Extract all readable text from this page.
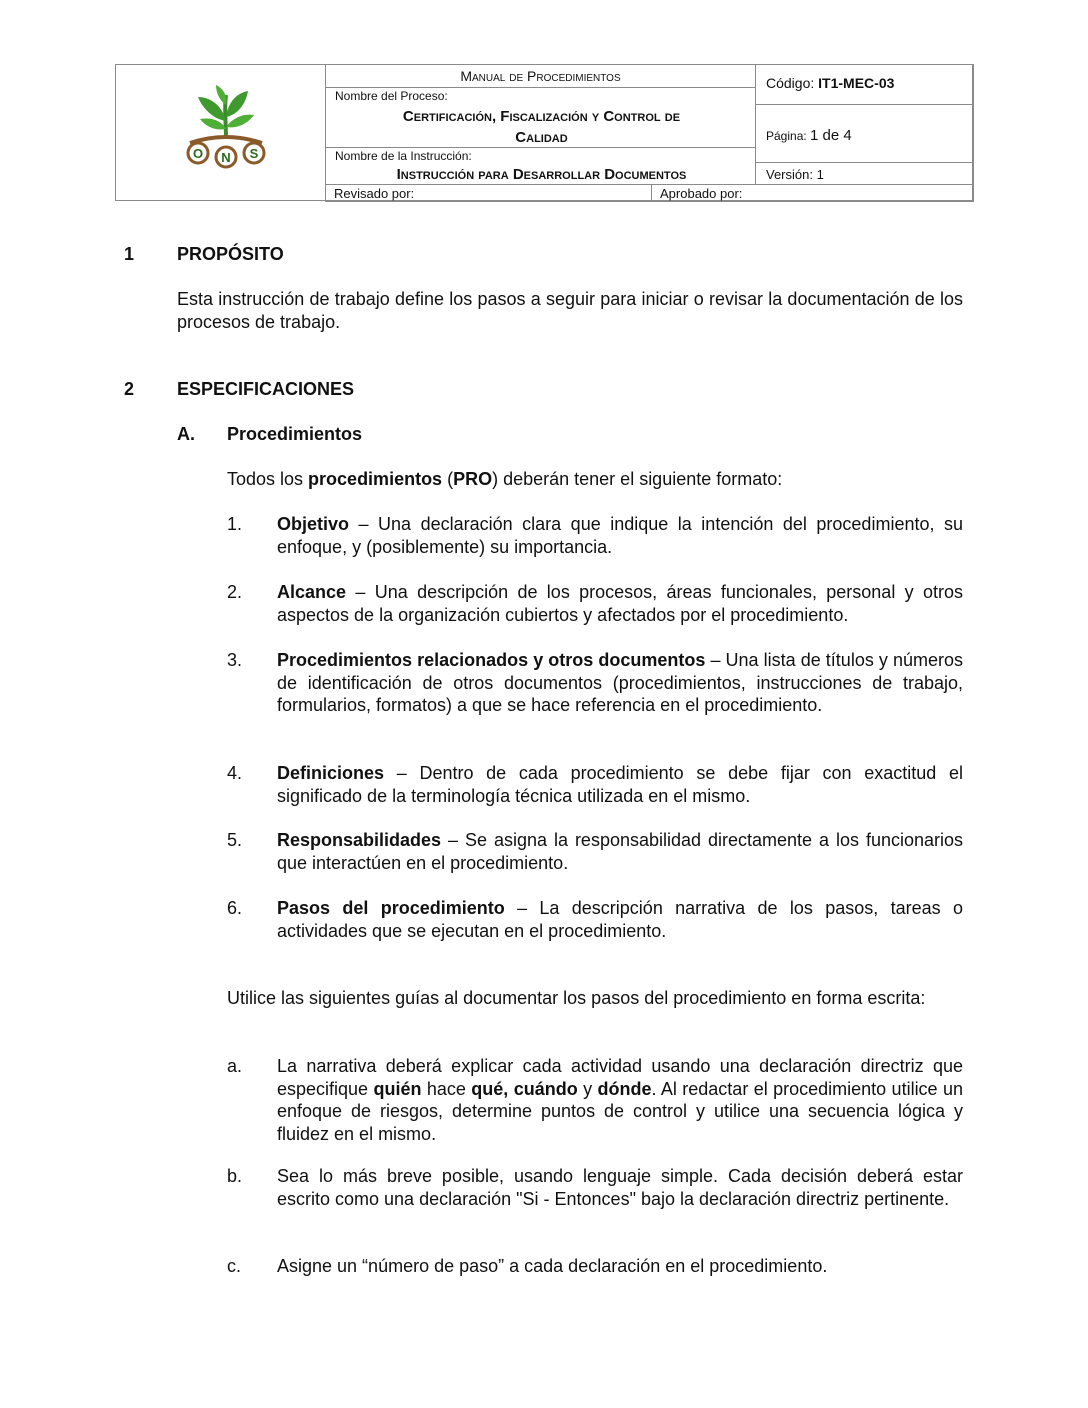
O N S
Manual de Procedimientos
Nombre del Proceso:
Certificación, Fiscalización y Control de
Calidad
Nombre de la Instrucción:
Instrucción para Desarrollar Documentos
Código: IT1-MEC-03
Página: 1 de 4
Versión: 1
Revisado por:	Aprobado por:
1 PROPÓSITO
Esta instrucción de trabajo define los pasos a seguir para iniciar o revisar la documentación de los procesos de trabajo.
2 ESPECIFICACIONES
A. Procedimientos
Todos los procedimientos (PRO) deberán tener el siguiente formato:
1. Objetivo – Una declaración clara que indique la intención del procedimiento, su enfoque, y (posiblemente) su importancia.
2. Alcance – Una descripción de los procesos, áreas funcionales, personal y otros aspectos de la organización cubiertos y afectados por el procedimiento.
3. Procedimientos relacionados y otros documentos – Una lista de títulos y números de identificación de otros documentos (procedimientos, instrucciones de trabajo, formularios, formatos) a que se hace referencia en el procedimiento.
4. Definiciones – Dentro de cada procedimiento se debe fijar con exactitud el significado de la terminología técnica utilizada en el mismo.
5. Responsabilidades – Se asigna la responsabilidad directamente a los funcionarios que interactúen en el procedimiento.
6. Pasos del procedimiento – La descripción narrativa de los pasos, tareas o actividades que se ejecutan en el procedimiento.
Utilice las siguientes guías al documentar los pasos del procedimiento en forma escrita:
a. La narrativa deberá explicar cada actividad usando una declaración directriz que especifique quién hace qué, cuándo y dónde. Al redactar el procedimiento utilice un enfoque de riesgos, determine puntos de control y utilice una secuencia lógica y fluidez en el mismo.
b. Sea lo más breve posible, usando lenguaje simple. Cada decisión deberá estar escrito como una declaración "Si - Entonces" bajo la declaración directriz pertinente.
c. Asigne un “número de paso” a cada declaración en el procedimiento.
